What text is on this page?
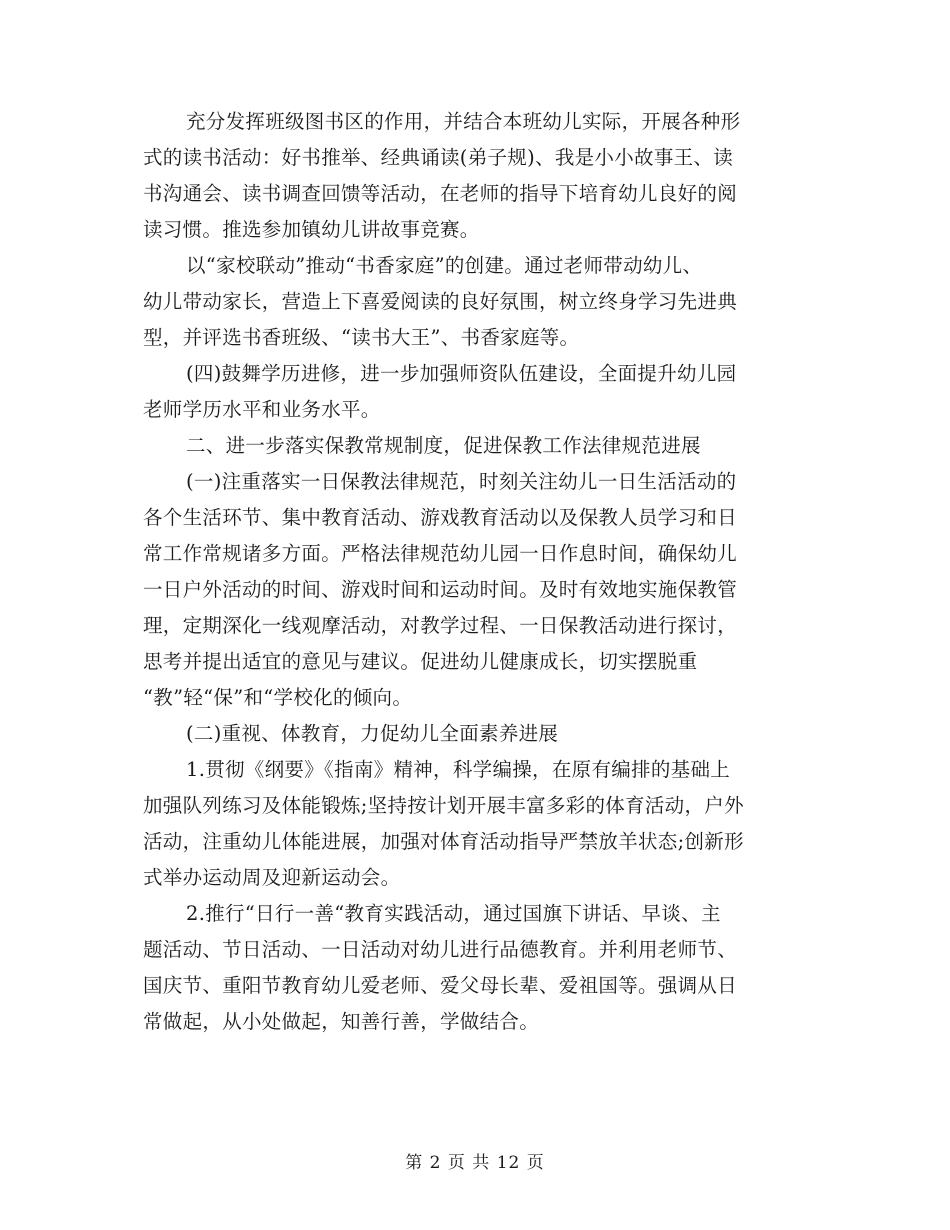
充分发挥班级图书区的作用，并结合本班幼儿实际，开展各种形
式的读书活动：好书推举、经典诵读(弟子规)、我是小小故事王、读
书沟通会、读书调查回馈等活动，在老师的指导下培育幼儿良好的阅
读习惯。推选参加镇幼儿讲故事竞赛。
以“家校联动”推动“书香家庭”的创建。通过老师带动幼儿、
幼儿带动家长，营造上下喜爱阅读的良好氛围，树立终身学习先进典
型，并评选书香班级、“读书大王”、书香家庭等。
(四)鼓舞学历进修，进一步加强师资队伍建设，全面提升幼儿园
老师学历水平和业务水平。
二、进一步落实保教常规制度，促进保教工作法律规范进展
(一)注重落实一日保教法律规范，时刻关注幼儿一日生活活动的
各个生活环节、集中教育活动、游戏教育活动以及保教人员学习和日
常工作常规诸多方面。严格法律规范幼儿园一日作息时间，确保幼儿
一日户外活动的时间、游戏时间和运动时间。及时有效地实施保教管
理，定期深化一线观摩活动，对教学过程、一日保教活动进行探讨，
思考并提出适宜的意见与建议。促进幼儿健康成长，切实摆脱重
“教”轻“保”和“学校化的倾向。
(二)重视、体教育，力促幼儿全面素养进展
1.贯彻《纲要》《指南》精神，科学编操，在原有编排的基础上
加强队列练习及体能锻炼;坚持按计划开展丰富多彩的体育活动，户外
活动，注重幼儿体能进展，加强对体育活动指导严禁放羊状态;创新形
式举办运动周及迎新运动会。
2.推行“日行一善“教育实践活动，通过国旗下讲话、早谈、主
题活动、节日活动、一日活动对幼儿进行品德教育。并利用老师节、
国庆节、重阳节教育幼儿爱老师、爱父母长辈、爱祖国等。强调从日
常做起，从小处做起，知善行善，学做结合。
第 2 页 共 12 页
